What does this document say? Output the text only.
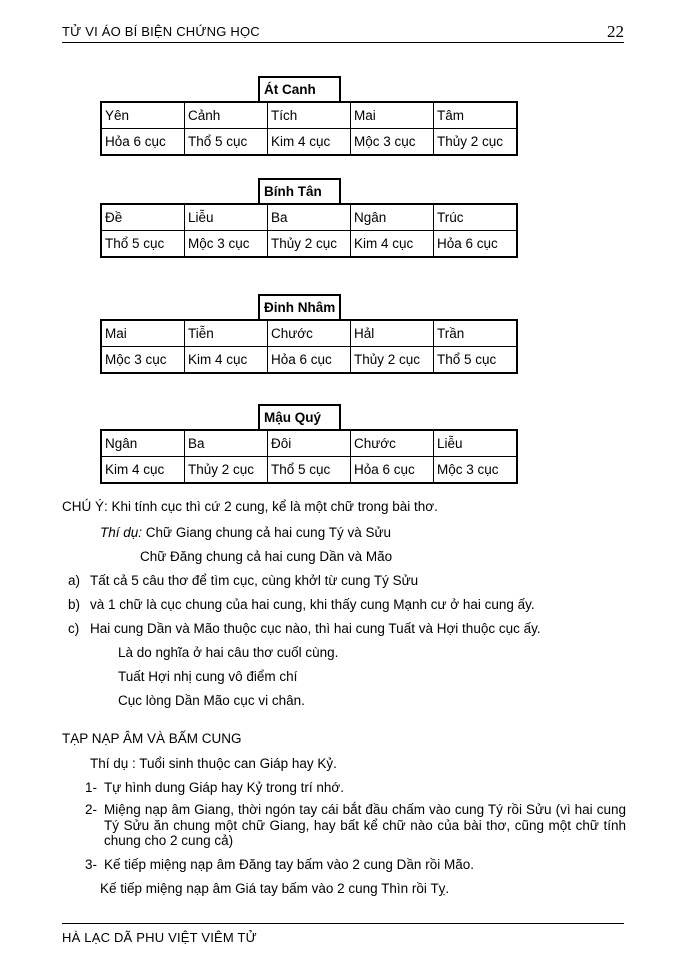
TỬ VI ÁO BÍ BIỆN CHỨNG HỌC	22
Át Canh
Yên	Cảnh	Tích	Mai	Tâm
Hỏa 6 cục	Thổ 5 cục	Kim 4 cục	Mộc 3 cục	Thủy 2 cục
Bính Tân
Đề	Liễu	Ba	Ngân	Trúc
Thổ 5 cục	Mộc 3 cục	Thủy 2 cục	Kim 4 cục	Hỏa 6 cục
Đinh Nhâm
Mai	Tiễn	Chước	Hảl	Trần
Mộc 3 cục	Kim 4 cục	Hỏa 6 cục	Thủy 2 cục	Thổ 5 cục
Mậu Quý
Ngân	Ba	Đôi	Chước	Liễu
Kim 4 cục	Thủy 2 cục	Thổ 5 cục	Hỏa 6 cục	Mộc 3 cục
CHÚ Ý: Khi tính cục thì cứ 2 cung, kể là một chữ trong bài thơ.
Thí dụ: Chữ Giang chung cả hai cung Tý và Sửu
Chữ Đăng chung cả hai cung Dần và Mão
a) Tất cả 5 câu thơ để tìm cục, cùng khởl từ cung Tý Sửu
b) và 1 chữ là cục chung của hai cung, khi thấy cung Mạnh cư ở hai cung ấy.
c) Hai cung Dần và Mão thuộc cục nào, thì hai cung Tuất và Hợi thuộc cục ấy.
Là do nghĩa ở hai câu thơ cuốl cùng.
Tuất Hợi nhị cung vô điểm chí
Cục lòng Dần Mão cục vi chân.
TẠP NẠP ÂM VÀ BẤM CUNG
Thí dụ : Tuổi sinh thuộc can Giáp hay Kỷ.
1- Tự hình dung Giáp hay Kỷ trong trí nhớ.
2- Miệng nạp âm Giang, thời ngón tay cái bắt đầu chấm vào cung Tý rồi Sửu (vì hai cung Tý Sửu ăn chung một chữ Giang, hay bất kể chữ nào của bài thơ, cũng một chữ tính chung cho 2 cung cả)
3- Kế tiếp miệng nạp âm Đăng tay bấm vào 2 cung Dần rồi Mão.
Kế tiếp miệng nạp âm Giá tay bấm vào 2 cung Thìn rồi Tỵ.
HÀ LẠC DÃ PHU VIỆT VIÊM TỬ
